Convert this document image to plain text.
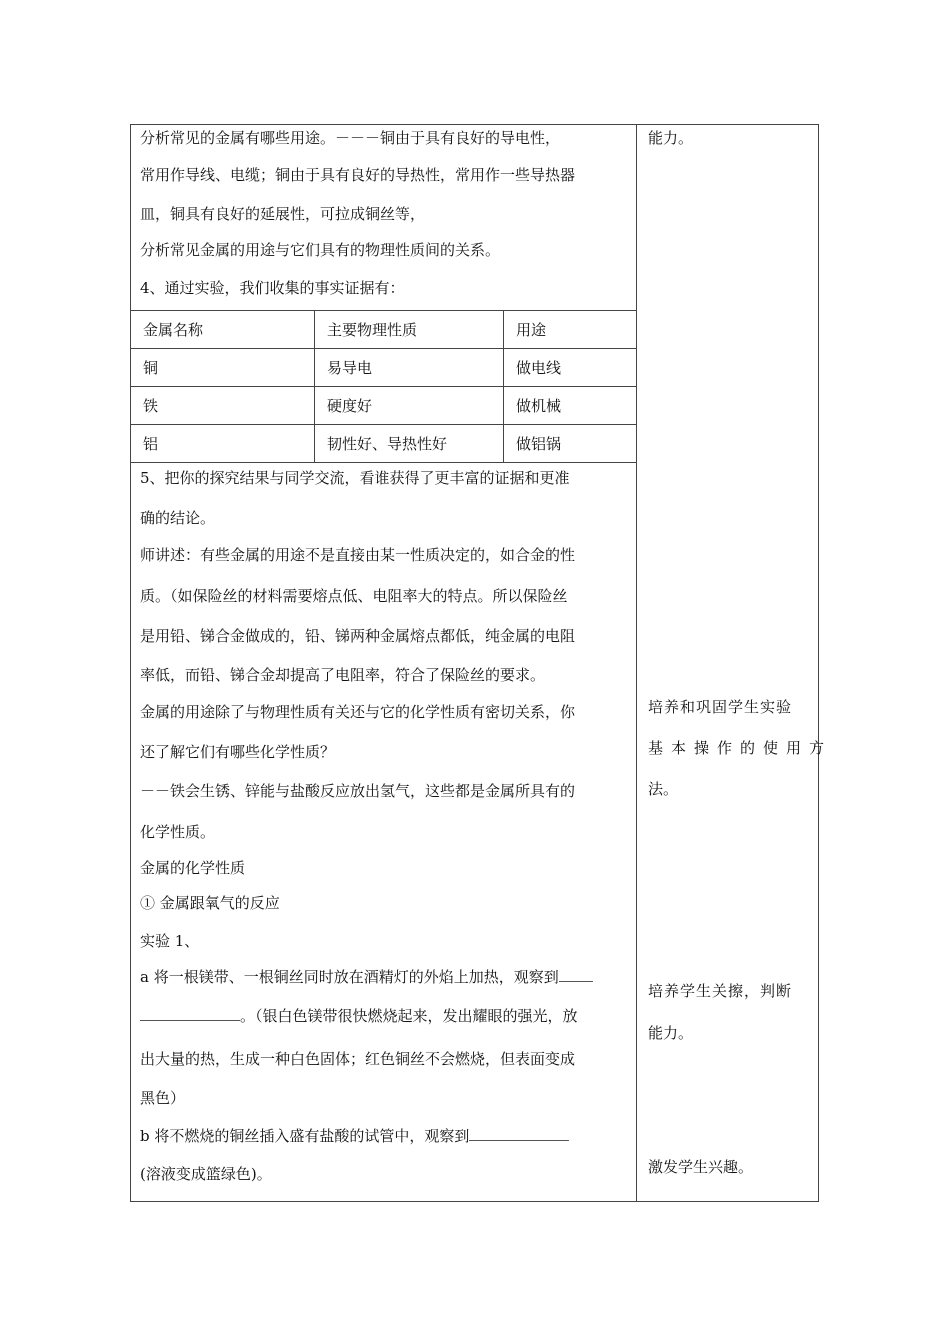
分析常见的金属有哪些用途。－－－铜由于具有良好的导电性，
常用作导线、电缆；铜由于具有良好的导热性，常用作一些导热器
皿，铜具有良好的延展性，可拉成铜丝等，
分析常见金属的用途与它们具有的物理性质间的关系。
4、通过实验，我们收集的事实证据有：
金属名称	主要物理性质	用途
铜	易导电	做电线
铁	硬度好	做机械
铝	韧性好、导热性好	做铝锅
5、把你的探究结果与同学交流，看谁获得了更丰富的证据和更准
确的结论。
师讲述：有些金属的用途不是直接由某一性质决定的，如合金的性
质。（如保险丝的材料需要熔点低、电阻率大的特点。所以保险丝
是用铅、锑合金做成的，铅、锑两种金属熔点都低，纯金属的电阻
率低，而铅、锑合金却提高了电阻率，符合了保险丝的要求。
金属的用途除了与物理性质有关还与它的化学性质有密切关系，你
还了解它们有哪些化学性质？
－－铁会生锈、锌能与盐酸反应放出氢气，这些都是金属所具有的
化学性质。
金属的化学性质
① 金属跟氧气的反应
实验 1、
a 将一根镁带、一根铜丝同时放在酒精灯的外焰上加热，观察到
。（银白色镁带很快燃烧起来，发出耀眼的强光，放
出大量的热，生成一种白色固体；红色铜丝不会燃烧，但表面变成
黑色）
b 将不燃烧的铜丝插入盛有盐酸的试管中，观察到
(溶液变成篮绿色)。
能力。
培养和巩固学生实验
基本操作的使用方
法。
培养学生关擦，判断
能力。
激发学生兴趣。
